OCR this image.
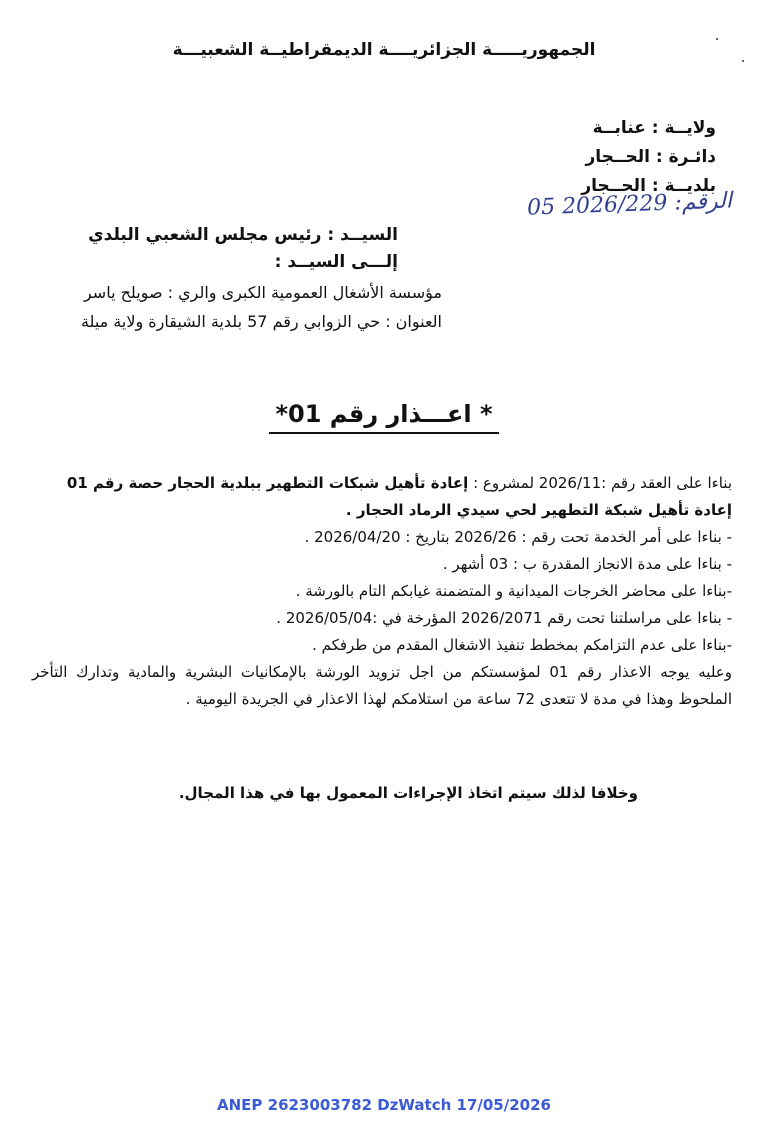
الجمهوريـــــة الجزائريــــة الديمقراطيــة الشعبيـــة
ولايــة : عنابــة
دائـرة : الحــجار
بلديــة : الحــجار
الرقم: 2026/229 05
السيــد : رئيس مجلس الشعبي البلدي
إلـــى السيــد :
مؤسسة الأشغال العمومية الكبرى والري : صويلح ياسر
العنوان : حي الزوابي رقم 57 بلدية الشيقارة ولاية ميلة
* اعـــذار رقم 01*
بناءا على العقد رقم :2026/11 لمشروع : إعادة تأهيل شبكات التطهير ببلدية الحجار حصة رقم 01
إعادة تأهيل شبكة التطهير لحي سيدي الرماد الحجار .
- بناءا على أمر الخدمة تحت رقم : 2026/26 بتاريخ : 2026/04/20 .
- بناءا على مدة الانجاز المقدرة ب : 03 أشهر .
-بناءا على محاضر الخرجات الميدانية و المتضمنة غيابكم التام بالورشة .
- بناءا على مراسلتنا تحت رقم 2026/2071 المؤرخة في :2026/05/04 .
-بناءا على عدم التزامكم بمخطط تنفيذ الاشغال المقدم من طرفكم .
وعليه يوجه الاعذار رقم 01 لمؤسستكم من اجل تزويد الورشة بالإمكانيات البشرية والمادية وتدارك التأخر الملحوظ وهذا في مدة لا تتعدى 72 ساعة من استلامكم لهذا الاعذار في الجريدة اليومية .
وخلافا لذلك سيتم اتخاذ الإجراءات المعمول بها في هذا المجال.
ANEP 2623003782 DzWatch 17/05/2026
